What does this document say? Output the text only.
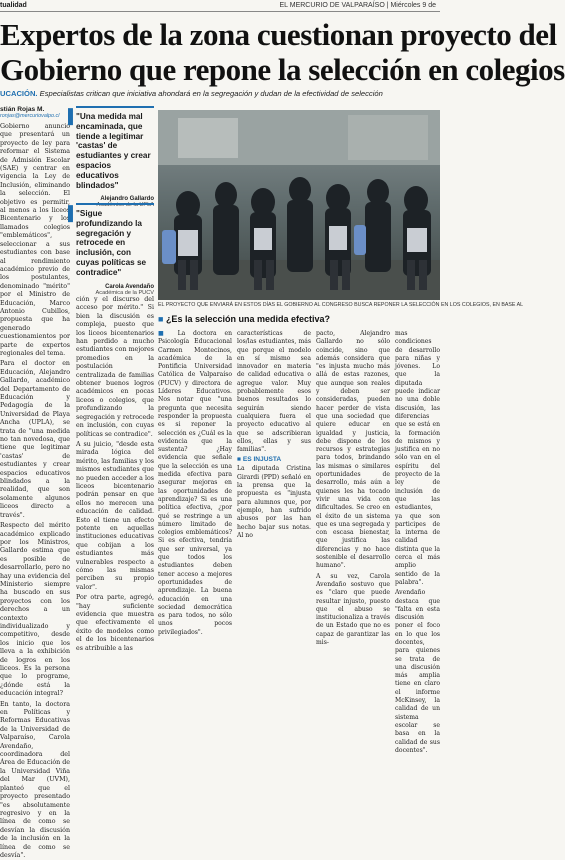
tualidad	EL MERCURIO DE VALPARAÍSO | Miércoles 9 de
Expertos de la zona cuestionan proyecto del
Gobierno que repone la selección en colegios
UCACIÓN. Especialistas critican que iniciativa ahondará en la segregación y dudan de la efectividad de selección
stián Rojas M.
ronjas@mercuriovalpo.cl

Gobierno anunció que presentará un proyecto de ley para reformar el Sistema de Admisión Escolar (SAE) y centrar en vigencia la Ley de Inclusión, eliminando la selección. El objetivo es permitir, al menos a los liceos Bicentenario y los llamados colegios "emblemáticos", seleccionar a sus estudiantes con base al rendimiento académico previo de los postulantes, denominado "mérito" por el Ministro de Educación, Marco Antonio Cubillos, propuesta que ha generado cuestionamientos por parte de expertos regionales del tema.

Para el doctor en Educación, Alejandro Gallardo, académico del Departamento de Educación y Pedagogía de la Universidad de Playa Ancha (UPLA), se trata de "una medida no tan novedosa, que tiene que legitimar 'castas' de estudiantes y crear espacios educativos blindados a la realidad, que son solamente algunos liceos directo a través".

Respecto del mérito académico explicado por los Ministros, Gallardo estima que es posible de desarrollarlo, pero no hay una evidencia del Ministerio siempre ha buscado en sus proyectos con los derechos a un contexto individualizado y competitivo, desde los inicio que los lleva a la exhibición de logros en los liceos. Es la persona que lo programe, ¿dónde está la educación integral?

En tanto, la doctora en Políticas y Reformas Educativas de la Universidad de Valparaíso, Carola Avendaño, coordinadora del Área de Educación de la Universidad Viña del Mar (UVM), planteó que el proyecto presentado "es absolutamente regresivo y en la línea de como se desvían la discusión de la inclusión en la línea de como se desvía".

▌
"Una medida mal encaminada, que tiende a legitimar 'castas' de estudiantes y crear espacios educativos blindados"
Alejandro Gallardo
Académico de la UPLA
▌
"Sigue profundizando la segregación y retrocede en inclusión, con cuyas políticas se contradice"
Carola Avendaño
Académica de la PUCV

ción y el discurso del acceso por mérito." Si bien la discusión es compleja, puesto que los liceos bicentenarios han perdido a mucho estudiantes con mejores promedios en la postulación centralizada de familias obtener buenos logros académicos en pocas liceos o colegios, que profundizando la segregación y retrocede en inclusión, con cuyas políticas se contradice".

A su juicio, "desde esta mirada lógica del mérito, las familias y los mismos estudiantes que no pueden acceder a los liceos bicentenario podrán pensar en que ellos no merecen una educación de calidad. Esto el tiene un efecto potente en aquellas instituciones educativas que cobijan a los estudiantes más vulnerables respecto a cómo las mismas perciben su propio valor".

Por otra parte, agregó, "hay suficiente evidencia que muestra que efectivamente el éxito de modelos como el de los bicentenarios es atribuible a las

EL PROYECTO QUE ENVIARÁ EN ESTOS DÍAS EL GOBIERNO AL CONGRESO BUSCA REPONER LA SELECCIÓN EN LOS COLEGIOS, EN BASE AL
■ ¿Es la selección una medida efectiva?

■ La doctora en Psicología Educacional Carmen Montecinos, académica de la Pontificia Universidad Católica de Valparaíso (PUCV) y directora de Líderes Educativos. Nos notar que "una pregunta que necesita responder la propuesta es si reponer la selección es ¿Cuál es la evidencia que la sustenta? ¿Hay evidencia que señale que la selección es una medida efectiva para asegurar mejoras en las oportunidades de aprendizaje? Si es una política efectiva, ¿por qué se restringe a un número limitado de colegios emblemáticos? Si es efectiva, tendría que ser universal, ya que todos los estudiantes deben tener acceso a mejores oportunidades de aprendizaje. La buena educación en una sociedad democrática es para todos, no sólo unos pocos privilegiados".

características de los/las estudiantes, más que porque el modelo en sí mismo sea innovador en materia de calidad educativa o agregue valor. Muy probablemente esos buenos resultados lo seguirán siendo cualquiera fuera el proyecto educativo al que se adscribieran ellos, ellas y sus familias".

■ ES INJUSTA

La diputada Cristina Girardi (PPD) señaló en la prensa que la propuesta es "injusta para alumnos que, por ejemplo, han sufrido abusos por las han hecho bajar sus notas. Al no

pacto, Alejandro Gallardo no sólo coincide, sino que además considera que "es injusta mucho más allá de estas razones, que aunque son reales y deben ser consideradas, pueden hacer perder de vista que una sociedad que quiere educar en igualdad y justicia, debe dispone de los recursos y estrategias para todos, brindando las mismas o similares oportunidades de desarrollo, más aún a quienes les ha tocado vivir una vida con dificultades. Se creo en el éxito de un sistema que es una segregada y con escasa bienestar, que justifica las diferencias y no hace sostenible el desarrollo humano".

A su vez, Carola Avendaño sostuvo que es "claro que puede resultar injusto, puesto que el abuso se institucionaliza a través de un Estado que no es capaz de garantizar las mis-

mas condiciones de desarrollo para niñas y jóvenes. Lo que la diputada puede indicar no una doble discusión, las diferencias que se está en la formación de mismos y justifica en no sólo van en el espíritu del proyecto de la ley de inclusión de que las estudiantes, ya que son participes de la interna de calidad distinta que la cerca el más amplio sentido de la palabra".

Avendaño destaca que "falta en esta discusión poner el foco en lo que los docentes, para quienes se trata de una discusión más amplia tiene en claro el informe McKinsey, la calidad de un sistema escolar se basa en la calidad de sus docentes".
